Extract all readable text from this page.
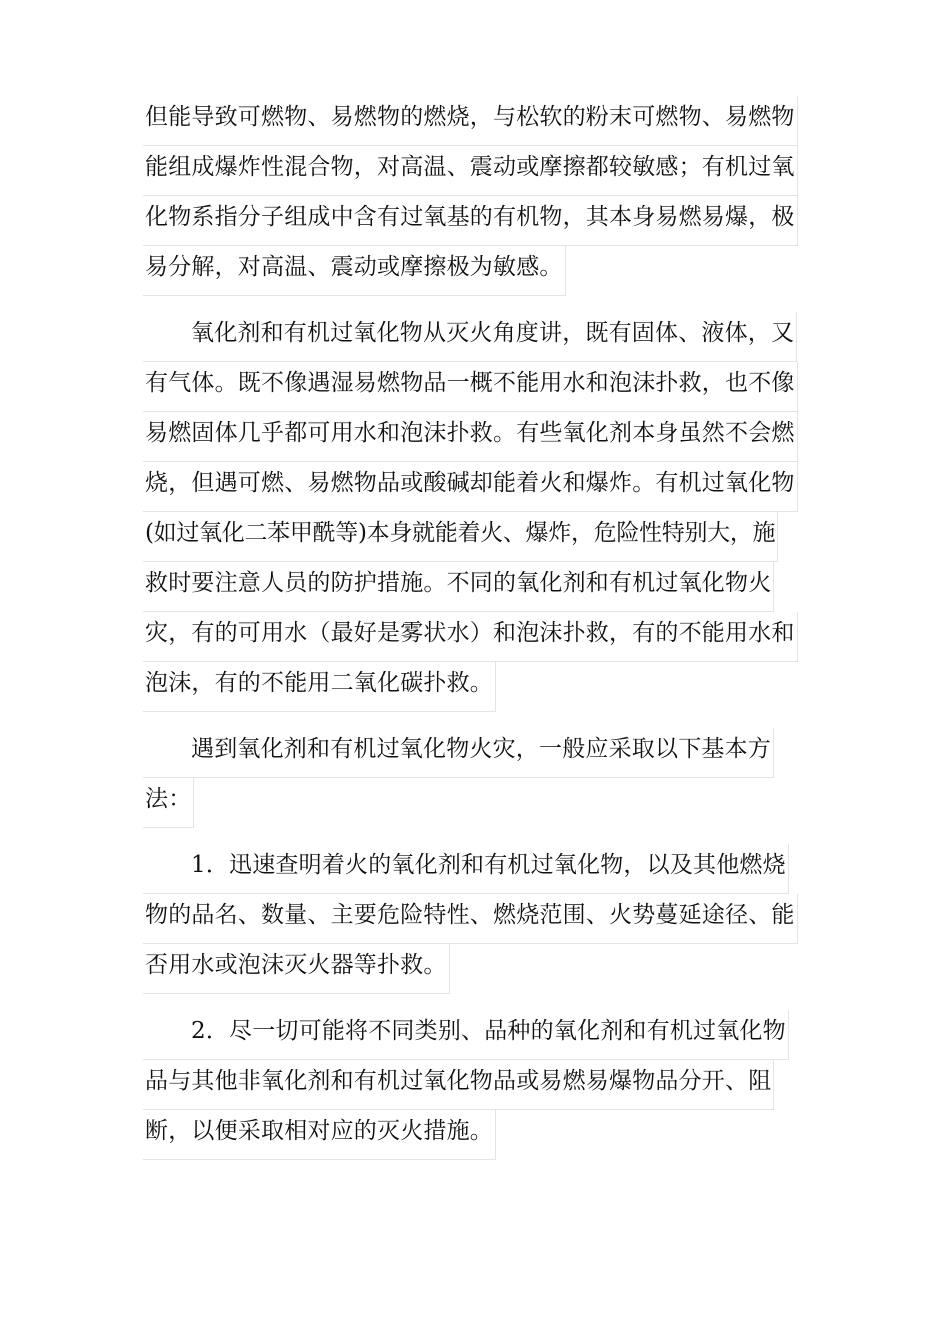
但能导致可燃物、易燃物的燃烧，与松软的粉末可燃物、易燃物
能组成爆炸性混合物，对高温、震动或摩擦都较敏感；有机过氧
化物系指分子组成中含有过氧基的有机物，其本身易燃易爆，极
易分解，对高温、震动或摩擦极为敏感。
氧化剂和有机过氧化物从灭火角度讲，既有固体、液体，又
有气体。既不像遇湿易燃物品一概不能用水和泡沫扑救，也不像
易燃固体几乎都可用水和泡沫扑救。有些氧化剂本身虽然不会燃
烧，但遇可燃、易燃物品或酸碱却能着火和爆炸。有机过氧化物
(如过氧化二苯甲酰等)本身就能着火、爆炸，危险性特别大，施
救时要注意人员的防护措施。不同的氧化剂和有机过氧化物火
灾，有的可用水（最好是雾状水）和泡沫扑救，有的不能用水和
泡沫，有的不能用二氧化碳扑救。
遇到氧化剂和有机过氧化物火灾，一般应采取以下基本方
法：
1．迅速查明着火的氧化剂和有机过氧化物，以及其他燃烧
物的品名、数量、主要危险特性、燃烧范围、火势蔓延途径、能
否用水或泡沫灭火器等扑救。
2．尽一切可能将不同类别、品种的氧化剂和有机过氧化物
品与其他非氧化剂和有机过氧化物品或易燃易爆物品分开、阻
断，以便采取相对应的灭火措施。
